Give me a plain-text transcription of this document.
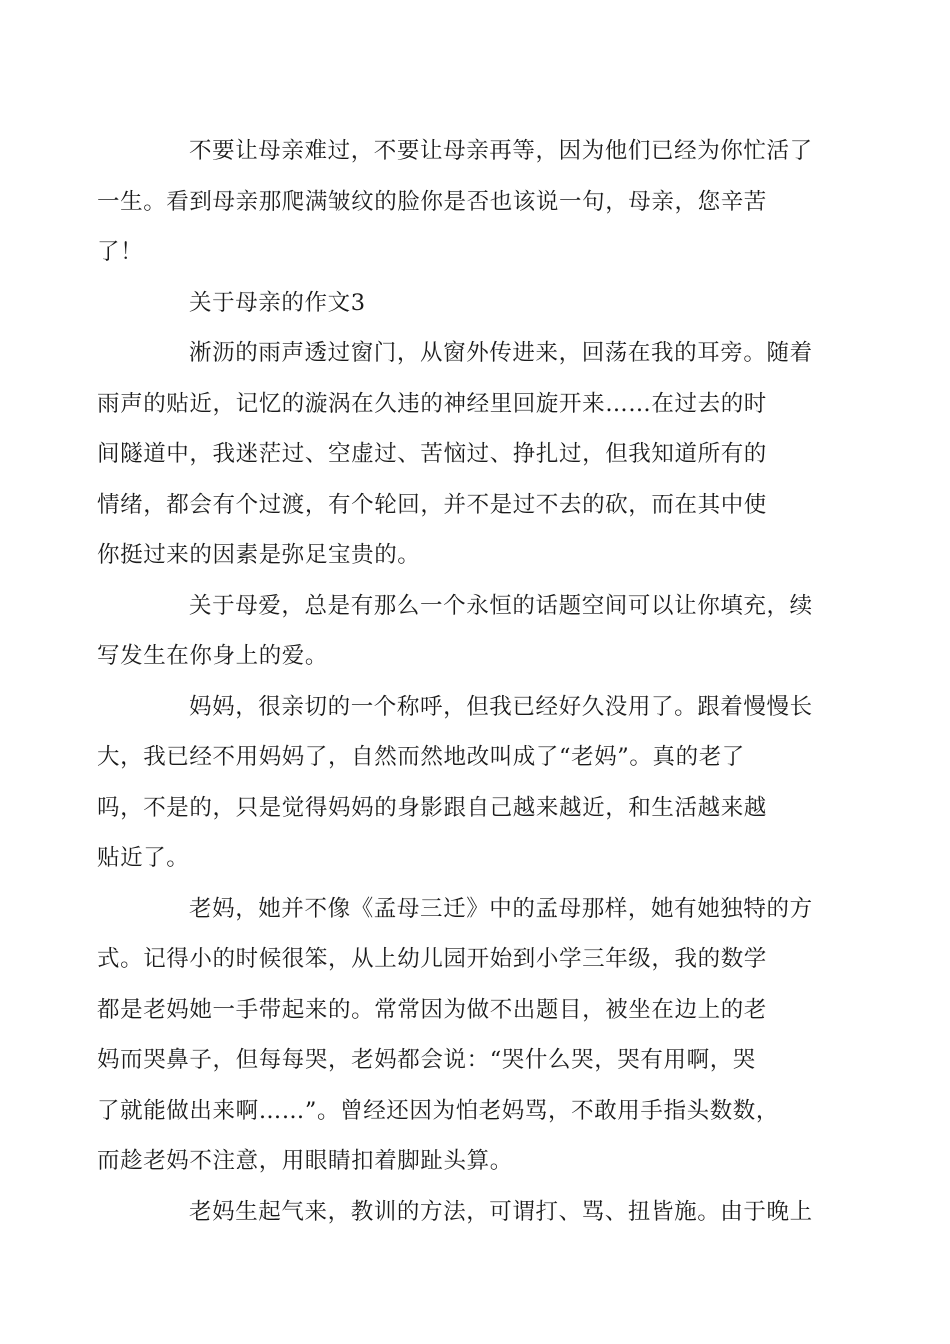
不要让母亲难过，不要让母亲再等，因为他们已经为你忙活了
一生。看到母亲那爬满皱纹的脸你是否也该说一句，母亲，您辛苦
了！

关于母亲的作文3

淅沥的雨声透过窗门，从窗外传进来，回荡在我的耳旁。随着
雨声的贴近，记忆的漩涡在久违的神经里回旋开来……在过去的时
间隧道中，我迷茫过、空虚过、苦恼过、挣扎过，但我知道所有的
情绪，都会有个过渡，有个轮回，并不是过不去的砍，而在其中使
你挺过来的因素是弥足宝贵的。

关于母爱，总是有那么一个永恒的话题空间可以让你填充，续
写发生在你身上的爱。

妈妈，很亲切的一个称呼，但我已经好久没用了。跟着慢慢长
大，我已经不用妈妈了，自然而然地改叫成了“老妈”。真的老了
吗，不是的，只是觉得妈妈的身影跟自己越来越近，和生活越来越
贴近了。

老妈，她并不像《孟母三迁》中的孟母那样，她有她独特的方
式。记得小的时候很笨，从上幼儿园开始到小学三年级，我的数学
都是老妈她一手带起来的。常常因为做不出题目，被坐在边上的老
妈而哭鼻子，但每每哭，老妈都会说：“哭什么哭，哭有用啊，哭
了就能做出来啊……”。曾经还因为怕老妈骂，不敢用手指头数数，
而趁老妈不注意，用眼睛扣着脚趾头算。

老妈生起气来，教训的方法，可谓打、骂、扭皆施。由于晚上
